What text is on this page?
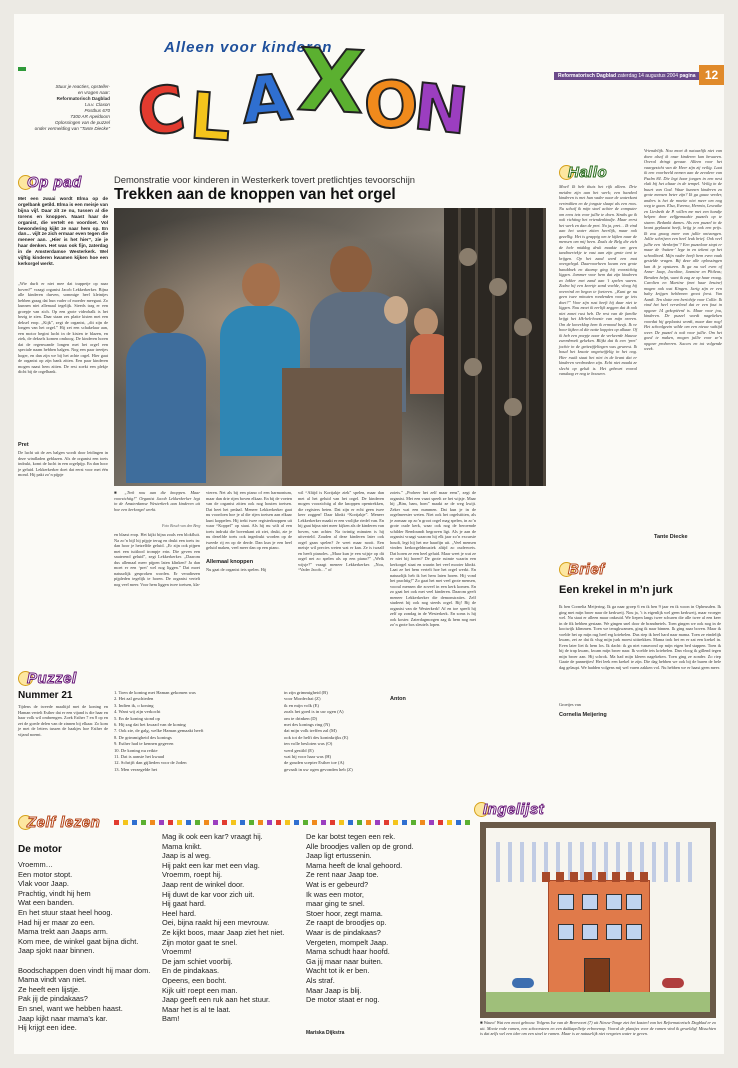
Stuur je reacties, opsteller-
en vragen naar:
Reformatorisch Dagblad
t.a.v. Claxon
Postbus 670
7300 AR Apeldoorn
Oplossingen van de puzzel
onder vermelding van "Tante Diecke"
Alleen voor kinderen
C
L A X
O
N	Reformatorisch Dagblad zaterdag 14 augustus 2004 pagina 12
Op pad	Demonstratie voor kinderen in Westerkerk tovert pretlichtjes tevoorschijn
Trekken aan de knoppen van het orgel
Met een zwaai wordt Elma op de orgelbank getild. Elma is een meisje van bijna vijf. Daar zit ze nu, tussen al die torens en knoppen. Naast haar de organist, die vertelt en voordoet. Vol bewondering kijkt ze naar hem op. En dan… vijlt ze zich ermaar even tegen die meneer aan. „Hier is het hier”, zie je haar denken. Het was ook fijn, zaterdag in de Amsterdamse Westerkerk. Wel vijftig kinderen kwamen kijken hoe een kerkorgel werkt.
„Wie durft er niet mee dat trappetje op naar boven?” vraagt organist Jacob Lekkerkerker. Bijna alle kinderen durven, sommige heel kleintjes hebben graag dat hun vader of moeder meegaat. Zo kunnen niet allemaal tegelijk. Steeds trag er een groepje van zich. Op een grote videobalk is het bezig te zien. Daar staan zes platte kisten met een deksel erop. „Kijk”, zegt de organist, „dit zijn de longen van het orgel.” Hij zet een schakelaar aan, een motor begint lucht in de kisten te blazen, en ziek, de deksels komen omhoog. De kinderen horen dat de regenwande longen met het orgel een speciale naam hebben balgen. Nog een paar treetjes hoger, en dan zijn we bij het achte orgel. Hier gaat de organist op zijn bank zitten. Een paar kinderen mogen naast hem zitten. De rest zoekt een plekje dicht bij de orgelbank.
Pret
De lucht uit de zes balgen wordt door leidingen in deze windladen geblazen. Als de organist een toets indrukt, komt de lucht in een orgelpijp. En dan hoor je geluid. Lekkerkerker doet dat eerst voor met één mond. Hij pakt zo’n pijpje
■ „Trek nou aan die knoppen. Maar voorzichtig!” Organist Jacob Lekkerkerker legt in de Amsterdamse Westerkerk aan kinderen uit hoe een kerkorgel werkt.
Foto Bosch van den Berg
en blaast erop. Het kijkt bijna zoals een blokfluit. Na zo’n bijl hij pijpje terug en drukt een toets in: dan hoor je hetzelfde geluid. „Er zijn ook pijpen met een tuitlood trompje erin. Die geven een snaterend geluid”, zegt Lekkerkerker. „Daarom dus allemaal meer pijpen laten klinken? Ja dan moet er een ‘pret’ wel nog liggen.” Dat moet natuurlijk gesproken worden. Er veradiezen pijpleden tegelijk te horen. De organist vertelt nog veel meer. Voor hem liggen twee toetsen, kla-
vieren. Net als bij een piano of een harmonium, maar dan drie rijen boven elkaar. En bij de voeten van de organist zitten ook nog houten toetsen. Dat heet het pedaal. Meneer Lekkerkerker gaat nu voordoen hoe je al die rijen toetsen aan elkaar kunt koppelen. Hij trekt twee registerknoppen uit waar “Koppel” op staat. Als hij nu wilt al een toets indrukt die bovenkant zit ziet, drukt, zie je nu dezelfde toets ook ingedrukt worden op de tweede rij en op de derde. Dan kun je een heel geluid maken, veel meer dan op een piano.
Allemaal knoppen
Nu gaat de organist iets spelen. Hij
wil “Altijd is Kortjakje ziek” spelen, maar dan met al het geluid van het orgel. De kinderen mogen voorzichtig al die knoppen opentrekken, die registers heten. Dat zijn er echt geen twee keer zoggen! Daar klinkt “Kortjakje”. Meneer Lekkerkerker maakt er een vrolijke riedel van. En hij gaat bijna niet meer kijken als de kinderen van boven, van achter. Na twintig minuten is hij uitverteld. Zouden al deze kinderen later ook orgel gaan spelen? Je weet maar nooit. Een meisje wil precies weten wat er kan. Ze is twaalf en heeft pianoles. „Maar kun je een wijsje op dit orgel net zo spelen als op een piano?” „Welk wijsje?” vraagt meneer Lekkerkerker. „Nou, “Vader Jacob…” of
zoiets.” „Probeer het zelf maar eens”, zegt de organist. Met een vaart speelt ze het wijsje. Maar hij „Bim, bam, bom” maakt ze de weg kwijt. Zeker wat een nummen. Dat kun je in de orgelmeester weten. Niet ook het orgelstitten, als je zomaar op zo’n groot orgel mag spelen, in zo’n grote oude kerk, waar ook nog de beroemde schilder Rembrandt begraven ligt. Als je aan de organist vraagt waarom hij elk jaar zo’n excursie houdt, legt hij het me haarfijn uit. „Veel mensen vinden kerkorgeldmuziek altijd zo ouderwets. Dat horen ze een heel geluid. Maar weet je wat ze er niet bij horen? De grote ruimte waarin een kerkorgel staat en waarin het veel mooier klinkt. Laat ze het hem vertelt hoe het orgel werkt. En natuurlijk heb ik het hem laten horen. Hij vond het prachtig!” Zo gaat het met veel grote mensen, vooral mensen die zoveel in een kerk komen. En zo gaat het ook met veel kinderen. Daarom geeft meneer Lekkerkerker die demonstraties. Zelf studeert hij ook nog steeds orgel. Bij! Bij de organist van de Westerkerk! Af en toe speelt hij zelf op zondag in de Westerkerk. En soms is hij ook koster. Zaterdagmorgen zag ik hem nog met zo’n grote bos sleutels lopen.
Anton
Hallo
Moei! Ik heb thuis het rijk alleen. Drie meiden zijn aan het werk; een handvol kinderen is met hun vader naar de waterkant vertrokken en de jongste slaapt als een roos. Nu schuif ik mijn stoel achter de computer om eens iets voor jullie te doen. Straks ga ik ook richting het vriendenkindje. Maar eerst het werk en dan de pret. Nu ja, pret… Ik vind aan het water zitten heerlijk, maar ook gezellig. Het is grappig om te kijken naar de mensen om mij heen. Zoals de Belg die zich de hele middag druk maakte om geen tandtoeriekje te vast aan zijn grote tent te krijgen. Op het zand werd een mat overgelegd. Daarvoorheen kwam een grote handdoek en daarop ging hij voorzichtig liggen. Jammer voor hem dat zijn kinderen zo lekker met zand aan ’t spelen waren. Zodra hij een keertje zand voelde, vloog hij overeind en begon te foeteren. „Kunt ge nu geen twee minuten rondenden voor ge iets doet?” Voor zijn rust heeft hij daar niet te liggen. Nou moet ik eerlijk zeggen dat ik ook niet zonet rust heb. De rest van de familie krijgt het klk-hek-hoezie van mijn oreren. Om de koverklap hem ik ermond bezjt. Ik ve hoor kijken al die natte koppies op alkaar. Of ik heb een poepje naar de verkeerde blauwe zwembroek gekeken. Blijkt dat ik een ‘pret’ jochie in de getiezijfelingen was geweest. Ik houd het kraaie ongetwijfelig in het oog. Hier rsuik staat het niet in de krant dat er kinderen verdronken zijn. Echt niet maakt ze slecht op geluk is. Het gebeurt vooral vandaag er nog te bouwen.
Vriendelijk. Nou moet ik natuurlijk niet van doen alsof ik onze kinderen kan bewaren. Overal dringt gevaar. Alleen voor het vaargezicht van de Heer zijn zij veilig. Laat ik een voorbeeld nemen aan de zevalere van Psalm 84. Die legt haar jongen in een nest vlak bij het altaar in de tempel. Veilig in de buurt van God. Waar kunnen kinderen zo grote mensen beter zijn? Ik ga gauw verder, anders is het de moeite niet meer om nog weg te gaan. Elsa, Eveena, Hermia, Lesvaike en Liesbeth de P. willen me met een handje helpen door zelfgemaakte puzzels op te sturen. Bedankt dames. Als een puzzel in de krant geplaatst heeft, krijg je ook een prijs. Ik zou graag meer van jullie ontvangen. Jullie schrijven een heel leuk brief. Ook veel jullie een ‘denkrijm’? Een puzzelaar stopt er maar de ‘buiten-’ lege in en tekent op het schoolbord. Mijn vader heeft hem even vaak gestelde vragen. Bij deze alle oplossingen kan ik je opsturen. Ik ga nu wel even of Anne- Jaap, Jacoline, Jasmine en Phileas; Beraken helpt, want ik zag ze op haar vraag. Carolien en Martine (met haar bruine) mogen ook wat Kingen. Jarig zijn er een baby krijgen hebbenen groot feest. Van Aardt. Ten slotte een berichtje voor Collie. Ik vind het heel vervelend dat er een fout in opgave 14 gekopiëerd is. Maar voor jou, kinderen. De puzzel wordt nagekeken voordat hij geplaatst wordt, maar dan nog! Het schoolgezin wilde om een nieuw vaktijd weer. De puzzel is ook voor jullie. Om het goed te maken, mogen jullie voor ze’n opgave probeeren. Succes en tot volgende week.
Tante Diecke
Brief
Een krekel in m’n jurk
Ik ben Cornelia Meijering. Ik ga naar groep 6 en ik ben 9 jaar en ik woon in Opheusden. Ik ging met mijn broer naar de kerkweij. Nou ja, ’t is eigenlijk wel geen kerkweij, maar vroeger wel. Nu staat er alleen maar onkruid. We liepen langs twee schuren die alle twee al een keer in de fik hebben gestaan. We gingen snel door de brandnetels. Toen gingen we ook nog in de kooiwijk klimmen. Toen we terugkwamen, ging ik naar binnen. Ik ging naar boven. Maar ik voelde het op mijn rug heel erg kriebelen. Dus riep ik heel hard naar mama. Toen ze eindelijk kwam, zei ze dat ik vlug mijn jurk moest uittrekken. Mama trok het en er zat een krekel in. Even later liet ik hem los. Ik dacht: ik ga niet vanavond op mijn eigen bed stappen. Toen ik bij de trap kwam, kwam mijn broer naar. Ik voelde iets kriebelen. Dan vloog ik gillend tegen mijn broer aan. Hij schrok. Ma had mijn kleren nagekeken. Toen ging ze zonder. Zo riep Gaaie de pannetjies! Het leek een krekel te zijn. Die dag hebben we ook bij de buren de hele dag gelaupt. We hadden volgens mij wel varen zakken vol. Nu hebben we er haast geen meer.
Groetjes van
Cornelia Meijering
Puzzel
Nummer 21
Tijdens de tweede maaltijd met de koning en Haman vertelt Esther dat er een vijand is die haar en haar volk wil ombrengen. Zoek Esther 7 en 8 op en zet de goede delen van de zinnen bij elkaar. Zo kom je met de letters tussen de haakjes hoe Esther de vijand noemt.
1. Toen de koning met Haman gekomen was
2. Het zal geschieden
3. Indien ik, o koning
4. Want wij zijn verkocht
5. En de koning stond op
6. Hij zag dat het kwaad van de koning
7. Ook zie, de galg, welke Haman gemaakt heeft
8. De grimmigheid des konings
9. Esther had te kennen gegeven
10. De koning nu reikte
11. Dat is aansie het kwaad
12. Schrijft dan gijlieden voor de Joden
13. Men verzegelde het
in zijn grimmigheid (B)
voor Mordechai (Z)
ik en mijn volk (E)
zoals het goed is in uw ogen (A)
om te drinken (D)
met des konings ring (N)
dat mijn volk treffen zal (M)
ook tot de helft des koninkrijks (E)
ten volle besloten was (O)
werd gestild (E)
wat hij voor haar was (H)
de gouden scepter Esther toe (A)
gevaalt in uw ogen gevonden heb (Z)
Zelf lezen
De motor
Vroemm…
Een motor stopt.
Vlak voor Jaap.
Prachtig, vindt hij hem
Wat een banden.
En het stuur staat heel hoog.
Had hij er maar zo een.
Mama trekt aan Jaaps arm.
Kom mee, de winkel gaat bijna dicht.
Jaap sjokt naar binnen.
Boodschappen doen vindt hij maar dom.
Mama vindt van niet.
Ze heeft een lijstje.
Pak jij de pindakaas?
En snel, want we hebben haast.
Jaap kijkt naar mama’s kar.
Hij krijgt een idee.
Mag ik ook een kar? vraagt hij.
Mama knikt.
Jaap is al weg.
Hij pakt een kar met een vlag.
Vroemm, roept hij.
Jaap rent de winkel door.
Hij duwt de kar voor zich uit.
Hij gaat hard.
Heel hard.
Oei, bijna raakt hij een mevrouw.
Ze kijkt boos, maar Jaap ziet het niet.
Zijn motor gaat te snel.
Vroemm!
De jam schiet voorbij.
En de pindakaas.
Opeens, een bocht.
Kijk uit! roept een man.
Jaap geeft een ruk aan het stuur.
Maar het is al te laat.
Bam!
De kar botst tegen een rek.
Alle broodjes vallen op de grond.
Jaap ligt ertussenin.
Mama heeft de knal gehoord.
Ze rent naar Jaap toe.
Wat is er gebeurd?
Ik was een motor,
maar ging te snel.
Stoer hoor, zegt mama.
Ze raapt de broodjes op.
Waar is de pindakaas?
Vergeten, mompelt Jaap.
Mama schudt haar hoofd.
Ga jij maar naar buiten.
Wacht tot ik er ben.
Als straf.
Maar Jaap is blij.
De motor staat er nog.
Mariska Dijkstra
Ingelijst
■ Wauw! Wat een mooi gebouw. Volgens Ise van de Breevoort (7) uit Nieuw-Tonge ziet het kasteel van het Reformatorisch Dagblad er zo uit. Mooie rode ramen, een schoorsteen en een dakkapelletje erbovenop. Vooral de plantjes voor de ramen vind ik geweldig! Misschien is dat zelfs wel een idee om een stoel te ramen. Maar is ze natuurlijk niet vergeten water te geven.
